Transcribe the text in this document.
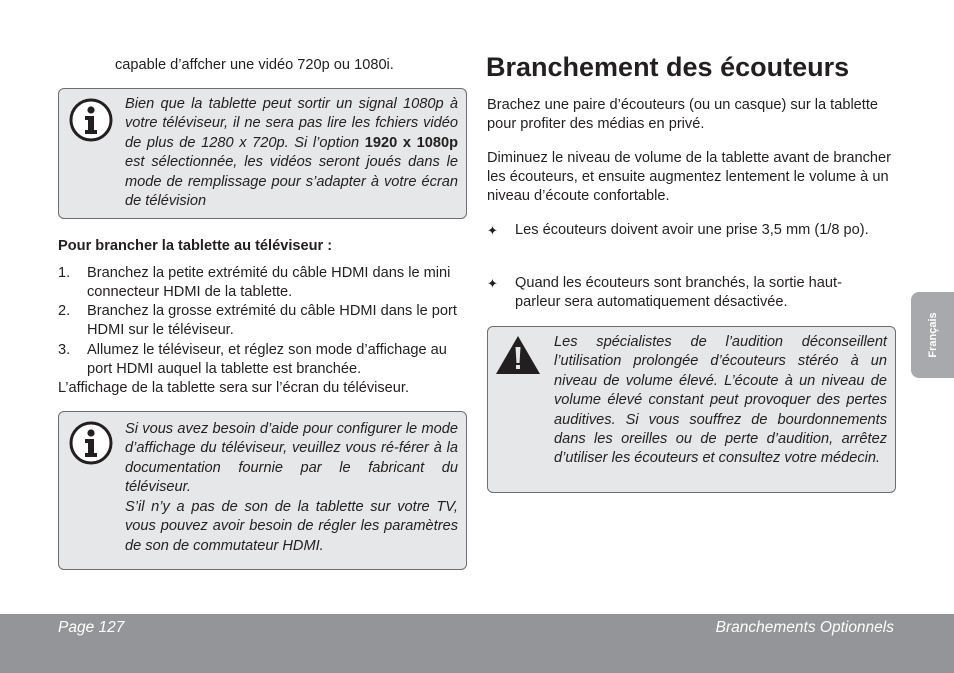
capable d’affcher une vidéo 720p ou 1080i.
Bien que la tablette peut sortir un signal 1080p à votre téléviseur, il ne sera pas lire les fchiers vidéo de plus de 1280 x 720p. Si l’option 1920 x 1080p est sélectionnée, les vidéos seront joués dans le mode de remplissage pour s’adapter à votre écran de télévision
Pour brancher la tablette au téléviseur :
1. Branchez la petite extrémité du câble HDMI dans le mini connecteur HDMI de la tablette.
2. Branchez la grosse extrémité du câble HDMI dans le port HDMI sur le téléviseur.
3. Allumez le téléviseur, et réglez son mode d’affichage au port HDMI auquel la tablette est branchée.
L’affichage de la tablette sera sur l’écran du téléviseur.
Si vous avez besoin d’aide pour configurer le mode d’affichage du téléviseur, veuillez vous ré-férer à la documentation fournie par le fabricant du téléviseur.
S’il n’y a pas de son de la tablette sur votre TV, vous pouvez avoir besoin de régler les paramètres de son de commutateur HDMI.
Branchement des écouteurs
Brachez une paire d’écouteurs (ou un casque) sur la tablette pour profiter des médias en privé.
Diminuez le niveau de volume de la tablette avant de brancher les écouteurs, et ensuite augmentez lentement le volume à un niveau d’écoute confortable.
✦ Les écouteurs doivent avoir une prise 3,5 mm (1/8 po).
✦ Quand les écouteurs sont branchés, la sortie haut-parleur sera automatiquement désactivée.
Les spécialistes de l’audition déconseillent l’utilisation prolongée d’écouteurs stéréo à un niveau de volume élevé. L’écoute à un niveau de volume élevé constant peut provoquer des pertes auditives. Si vous souffrez de bourdonnements dans les oreilles ou de perte d’audition, arrêtez d’utiliser les écouteurs et consultez votre médecin.
Français
Page 127	Branchements Optionnels
